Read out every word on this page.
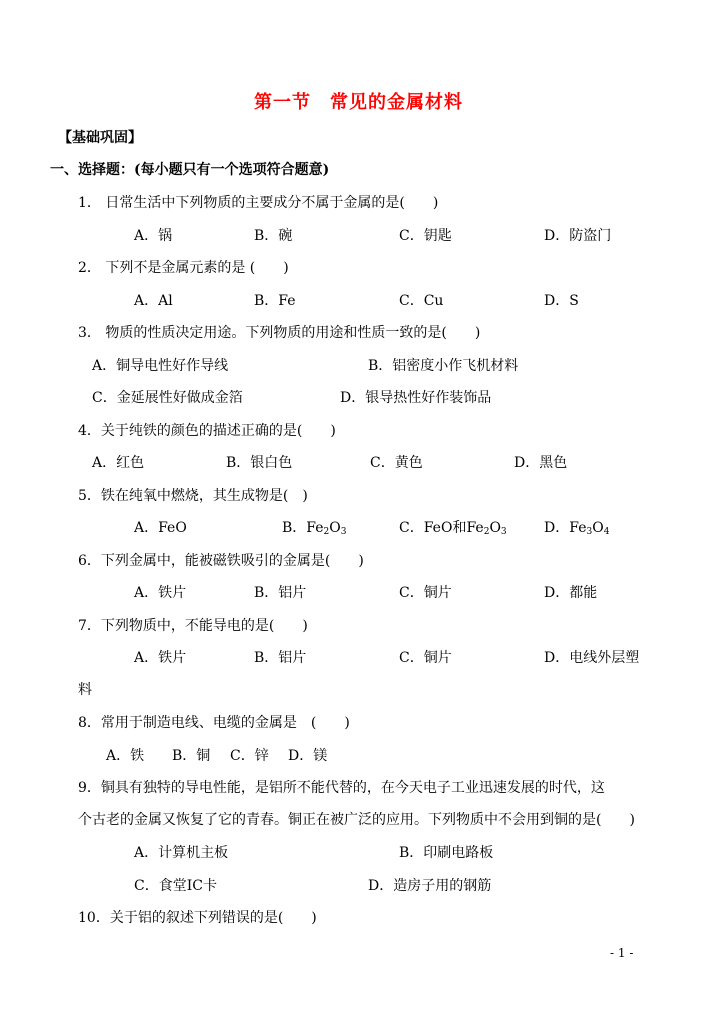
第一节　常见的金属材料
【基础巩固】
一、选择题：(每小题只有一个选项符合题意)
1． 日常生活中下列物质的主要成分不属于金属的是(　　)
A．锅	B．碗	C．钥匙	D．防盗门
2． 下列不是金属元素的是 (　　)
A．Al	B．Fe	C．Cu	D．S
3． 物质的性质决定用途。下列物质的用途和性质一致的是(　　)
A．铜导电性好作导线	B．铝密度小作飞机材料
C．金延展性好做成金箔	D．银导热性好作装饰品
4．关于纯铁的颜色的描述正确的是(　　)
A．红色	B．银白色	C．黄色	D．黑色
5．铁在纯氧中燃烧，其生成物是(　)
A．FeO	B．$Fe_2O_3$	C．FeO和$Fe_2O_3$	D．$Fe_3O_4$
6．下列金属中，能被磁铁吸引的金属是(　　)
A．铁片	B．铝片	C．铜片	D．都能
7．下列物质中，不能导电的是(　　)
A．铁片	B．铝片	C．铜片	D．电线外层塑
料
8．常用于制造电线、电缆的金属是　(　　)
A．铁 B．铜 C．锌 D．镁
9．铜具有独特的导电性能，是铝所不能代替的，在今天电子工业迅速发展的时代，这
个古老的金属又恢复了它的青春。铜正在被广泛的应用。下列物质中不会用到铜的是(　　)
A．计算机主板	B．印刷电路板
C．食堂IC卡	D．造房子用的钢筋
10．关于铝的叙述下列错误的是(　　)
- 1 -
